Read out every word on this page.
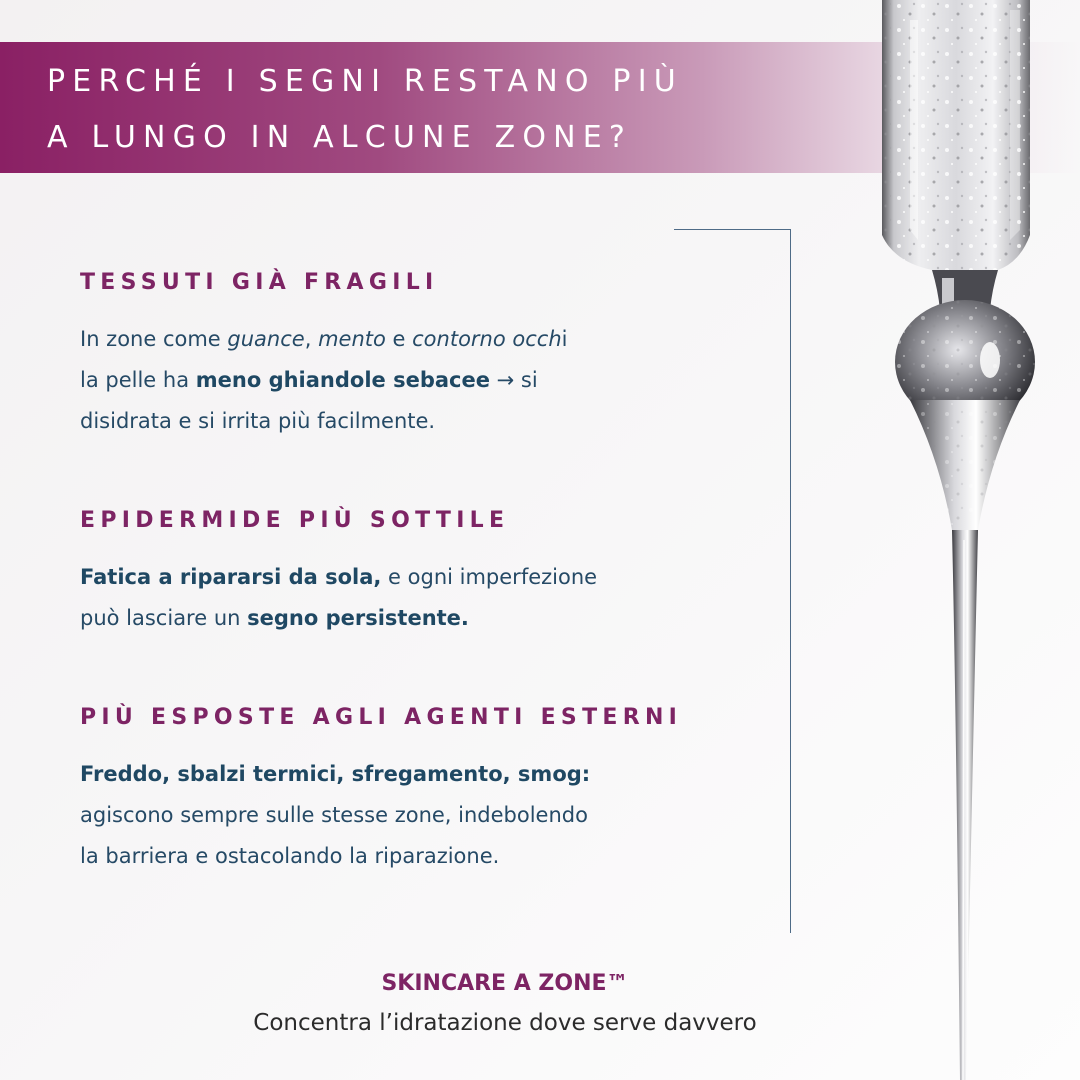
PERCHÉ I SEGNI RESTANO PIÙ
A LUNGO IN ALCUNE ZONE?
TESSUTI GIÀ FRAGILI

In zone come guance, mento e contorno occhi
la pelle ha meno ghiandole sebacee → si
disidrata e si irrita più facilmente.

EPIDERMIDE PIÙ SOTTILE

Fatica a ripararsi da sola, e ogni imperfezione
può lasciare un segno persistente.

PIÙ ESPOSTE AGLI AGENTI ESTERNI

Freddo, sbalzi termici, sfregamento, smog:
agiscono sempre sulle stesse zone, indebolendo
la barriera e ostacolando la riparazione.

SKINCARE A ZONE™
Concentra l’idratazione dove serve davvero
